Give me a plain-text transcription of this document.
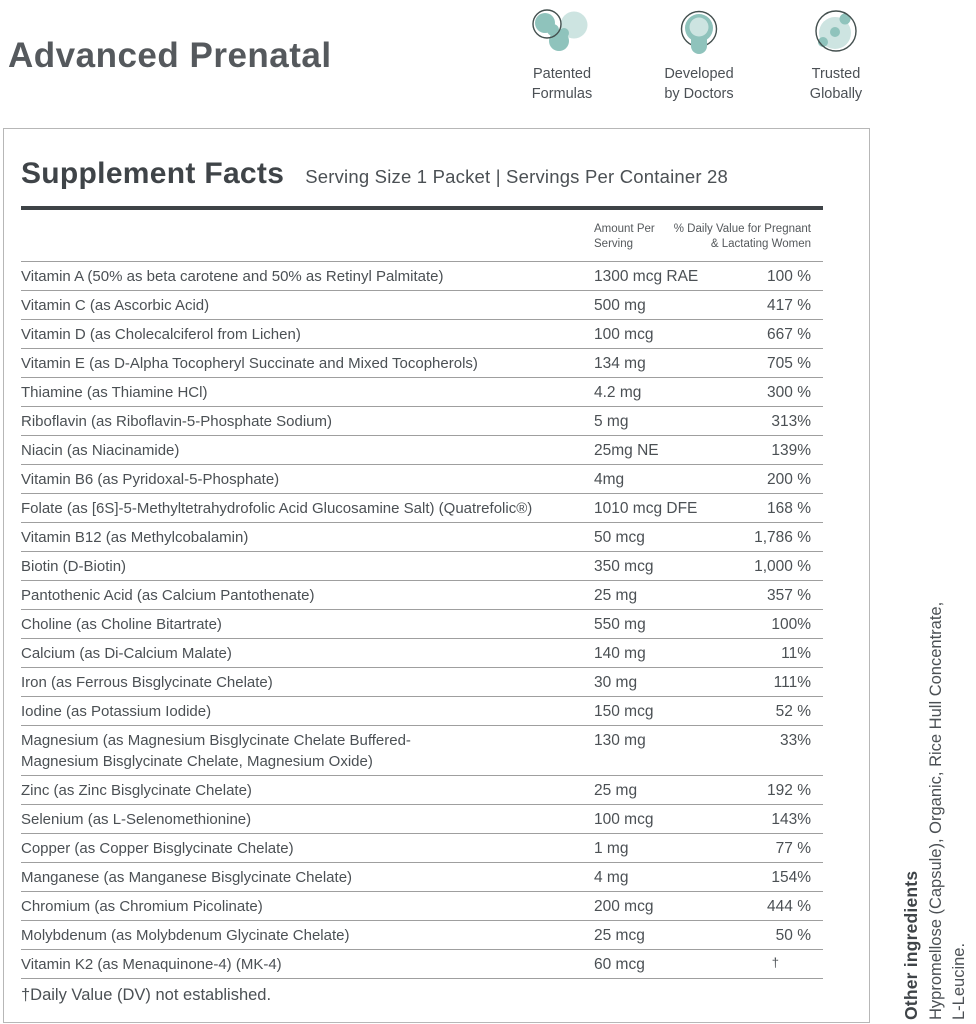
Advanced Prenatal	Patented
Formulas
Developed
by Doctors
Trusted
Globally
Supplement Facts Serving Size 1 Packet | Servings Per Container 28
Amount Per
Serving
% Daily Value for Pregnant
& Lactating Women
Vitamin A (50% as beta carotene and 50% as Retinyl Palmitate)	1300 mcg RAE	100 %
Vitamin C (as Ascorbic Acid)	500 mg	417 %
Vitamin D (as Cholecalciferol from Lichen)	100 mcg	667 %
Vitamin E (as D-Alpha Tocopheryl Succinate and Mixed Tocopherols)	134 mg	705 %
Thiamine (as Thiamine HCl)	4.2 mg	300 %
Riboflavin (as Riboflavin-5-Phosphate Sodium)	5 mg	313%
Niacin (as Niacinamide)	25mg NE	139%
Vitamin B6 (as Pyridoxal-5-Phosphate)	4mg	200 %
Folate (as [6S]-5-Methyltetrahydrofolic Acid Glucosamine Salt) (Quatrefolic®)	1010 mcg DFE	168 %
Vitamin B12 (as Methylcobalamin)	50 mcg	1,786 %
Biotin (D-Biotin)	350 mcg	1,000 %
Pantothenic Acid (as Calcium Pantothenate)	25 mg	357 %
Choline (as Choline Bitartrate)	550 mg	100%
Calcium (as Di-Calcium Malate)	140 mg	11%
Iron (as Ferrous Bisglycinate Chelate)	30 mg	111%
Iodine (as Potassium Iodide)	150 mcg	52 %
Magnesium (as Magnesium Bisglycinate Chelate Buffered-
Magnesium Bisglycinate Chelate, Magnesium Oxide)
130 mg	33%
Zinc (as Zinc Bisglycinate Chelate)	25 mg	192 %
Selenium (as L-Selenomethionine)	100 mcg	143%
Copper (as Copper Bisglycinate Chelate)	1 mg	77 %
Manganese (as Manganese Bisglycinate Chelate)	4 mg	154%
Chromium (as Chromium Picolinate)	200 mcg	444 %
Molybdenum (as Molybdenum Glycinate Chelate)	25 mcg	50 %
Vitamin K2 (as Menaquinone-4) (MK-4)	60 mcg	†
†Daily Value (DV) not established.	Other ingredients Hypromellose (Capsule), Organic, Rice Hull Concentrate, L-Leucine.
